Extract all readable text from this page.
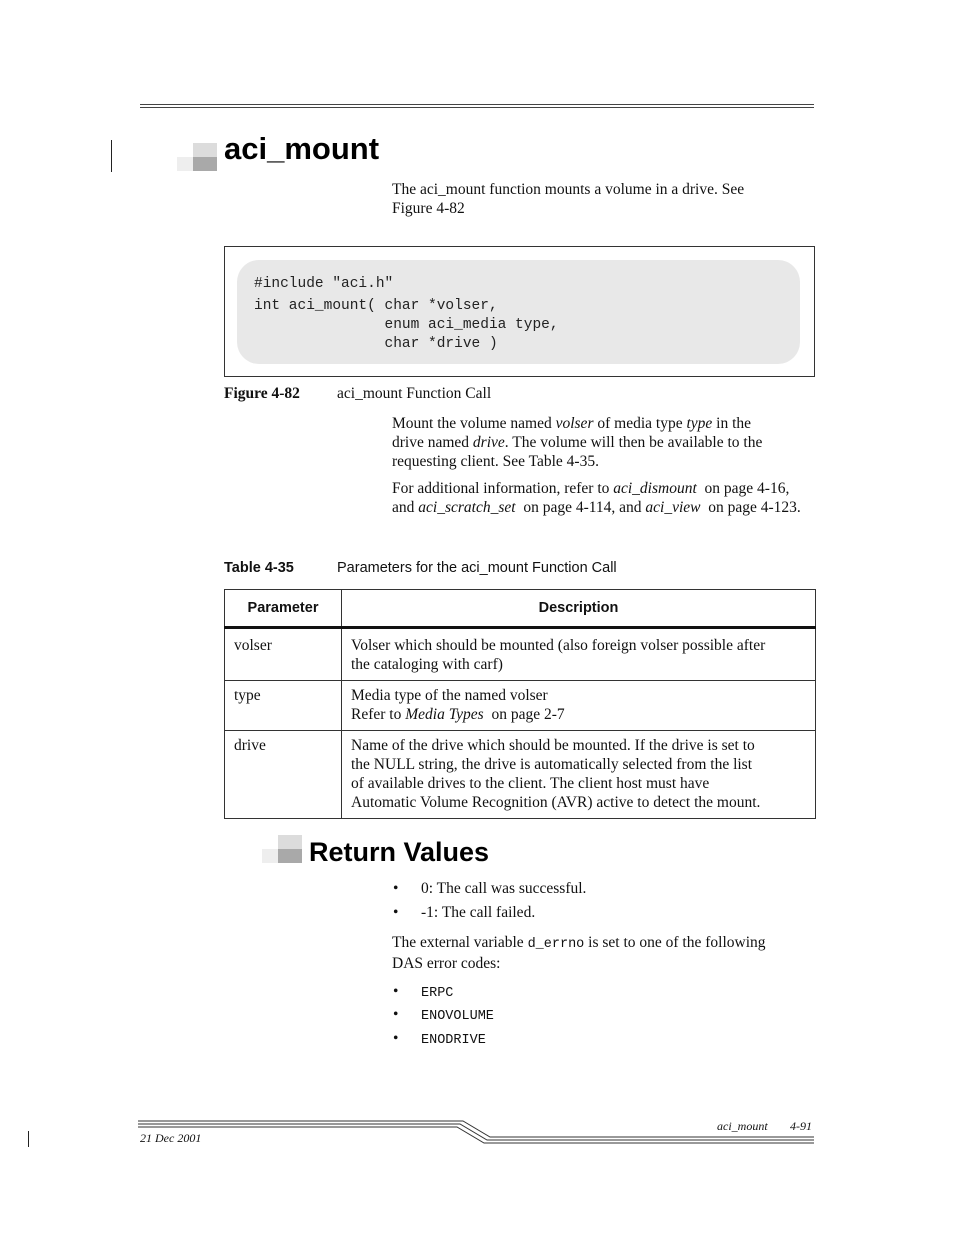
aci_mount
The aci_mount function mounts a volume in a drive. See
Figure 4-82
#include "aci.h"
int aci_mount( char *volser,
enum aci_media type,
char *drive )
Figure 4-82 aci_mount Function Call
Mount the volume named volser of media type type in the
drive named drive. The volume will then be available to the
requesting client. See Table 4-35.
For additional information, refer to aci_dismount  on page 4-16,
and aci_scratch_set  on page 4-114, and aci_view  on page 4-123.
Table 4-35	Parameters for the aci_mount Function Call
Parameter	Description
volser	Volser which should be mounted (also foreign volser possible after
the cataloging with carf)

type	Media type of the named volser
Refer to Media Types  on page 2-7

drive	Name of the drive which should be mounted. If the drive is set to
the NULL string, the drive is automatically selected from the list
of available drives to the client. The client host must have
Automatic Volume Recognition (AVR) active to detect the mount.
Return Values
• 0: The call was successful.
• -1: The call failed.
The external variable d_errno is set to one of the following
DAS error codes:
• ERPC
• ENOVOLUME
• ENODRIVE
aci_mount 4-91
21 Dec 2001
